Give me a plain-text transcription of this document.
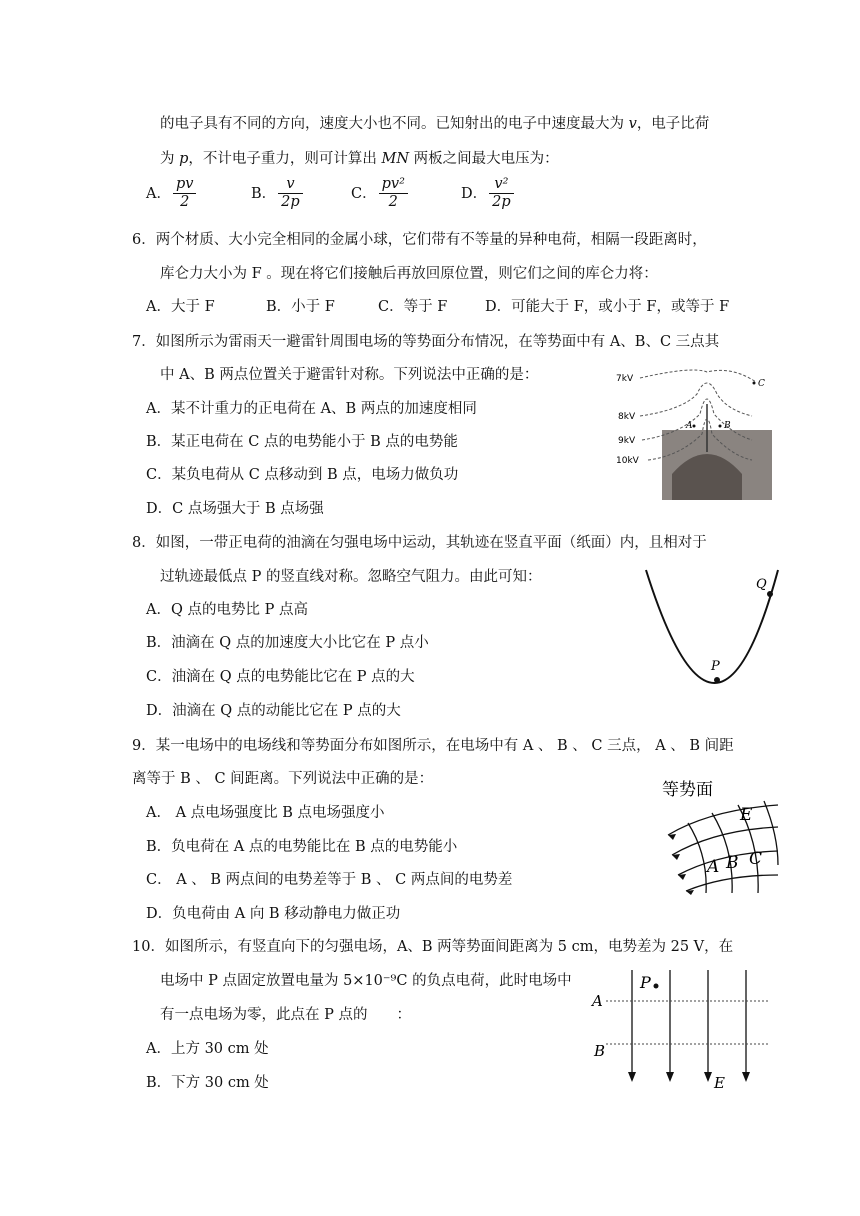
的电子具有不同的方向，速度大小也不同。已知射出的电子中速度最大为 v，电子比荷
为 p，不计电子重力，则可计算出 MN 两板之间最大电压为：
A． $\frac{pv}{2}$	B． $\frac{v}{2p}$	C． $\frac{\text{pv²}}{2}$	D． $\frac{\text{v²}}{2p}$
6．两个材质、大小完全相同的金属小球，它们带有不等量的异种电荷，相隔一段距离时，
库仑力大小为 F 。现在将它们接触后再放回原位置，则它们之间的库仑力将：
A．大于 F	B．小于 F	C．等于 F	D．可能大于 F，或小于 F，或等于 F
7．如图所示为雷雨天一避雷针周围电场的等势面分布情况，在等势面中有 A、B、C 三点其
中 A、B 两点位置关于避雷针对称。下列说法中正确的是：
A．某不计重力的正电荷在 A、B 两点的加速度相同
B．某正电荷在 C 点的电势能小于 B 点的电势能
C．某负电荷从 C 点移动到 B 点，电场力做负功
D．C 点场强大于 B 点场强
7kV
8kV
9kV
10kV
A	B
C
8．如图，一带正电荷的油滴在匀强电场中运动，其轨迹在竖直平面（纸面）内，且相对于
过轨迹最低点 P 的竖直线对称。忽略空气阻力。由此可知：
A．Q 点的电势比 P 点高
B．油滴在 Q 点的加速度大小比它在 P 点小
C．油滴在 Q 点的电势能比它在 P 点的大
D．油滴在 Q 点的动能比它在 P 点的大
P
Q
9．某一电场中的电场线和等势面分布如图所示，在电场中有 A 、 B 、 C 三点， A 、 B 间距
离等于 B 、 C 间距离。下列说法中正确的是：
A． A 点电场强度比 B 点电场强度小
B．负电荷在 A 点的电势能比在 B 点的电势能小
C． A 、 B 两点间的电势差等于 B 、 C 两点间的电势差
D．负电荷由 A 向 B 移动静电力做正功
等势面
E
A B C
10．如图所示，有竖直向下的匀强电场，A、B 两等势面间距离为 5 cm，电势差为 25 V，在
电场中 P 点固定放置电量为 5×10⁻⁹C 的负点电荷，此时电场中
有一点电场为零，此点在 P 点的　　：
A．上方 30 cm 处
B．下方 30 cm 处
P
A
B
E
